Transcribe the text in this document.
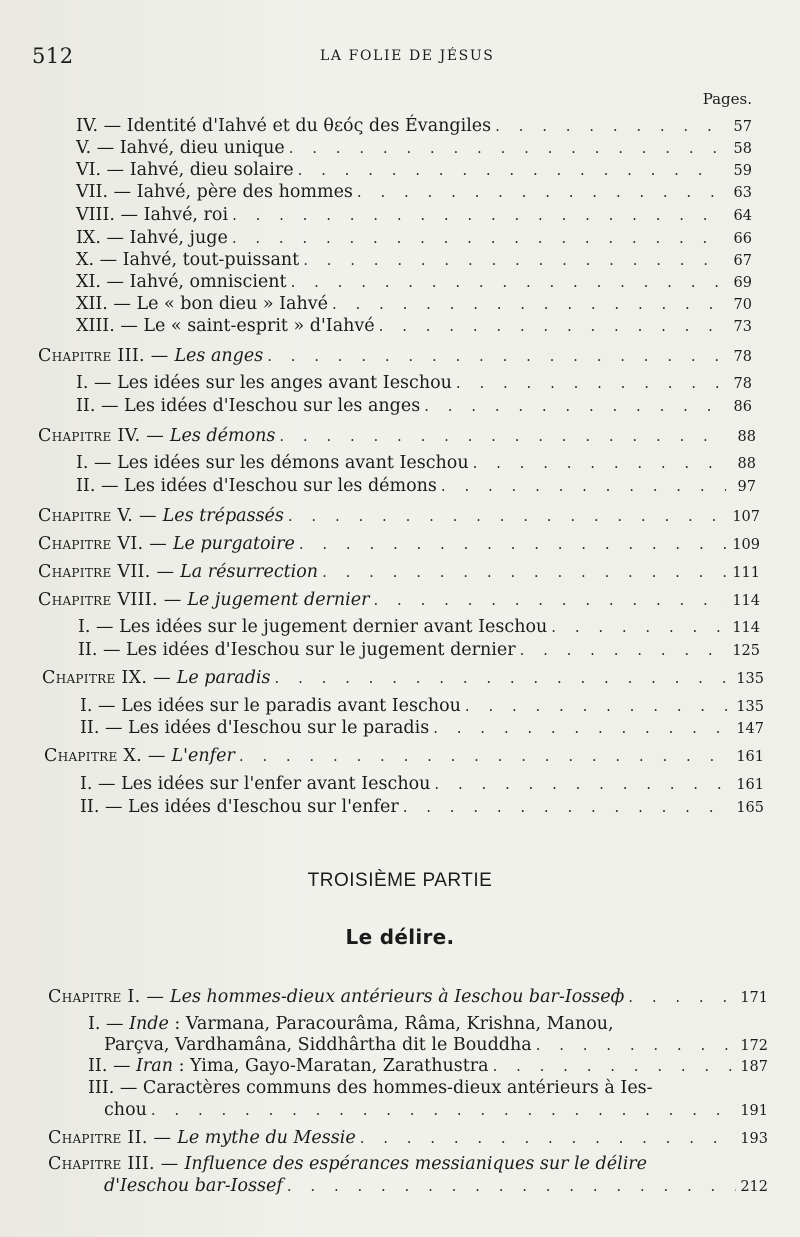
512	LA FOLIE DE JÉSUS
Pages.
IV. — Identité d'Iahvé et du θεός des Évangiles . . .	57
V. — Iahvé, dieu unique . . .	58
VI. — Iahvé, dieu solaire . . .	59
VII. — Iahvé, père des hommes . . .	63
VIII. — Iahvé, roi . . .	64
IX. — Iahvé, juge . . .	66
X. — Iahvé, tout-puissant . . .	67
XI. — Iahvé, omniscient . . .	69
XII. — Le « bon dieu » Iahvé . . .	70
XIII. — Le « saint-esprit » d'Iahvé . . .	73
Chapitre III. — Les anges . . .	78
I. — Les idées sur les anges avant Ieschou . . .	78
II. — Les idées d'Ieschou sur les anges . . .	86
Chapitre IV. — Les démons . . .	88
I. — Les idées sur les démons avant Ieschou . . .	88
II. — Les idées d'Ieschou sur les démons . . .	97
Chapitre V. — Les trépassés . . .	107
Chapitre VI. — Le purgatoire . . .	109
Chapitre VII. — La résurrection . . .	111
Chapitre VIII. — Le jugement dernier . . .	114
I. — Les idées sur le jugement dernier avant Ieschou . . .	114
II. — Les idées d'Ieschou sur le jugement dernier . . .	125
Chapitre IX. — Le paradis . . .	135
I. — Les idées sur le paradis avant Ieschou . . .	135
II. — Les idées d'Ieschou sur le paradis . . .	147
Chapitre X. — L'enfer . . .	161
I. — Les idées sur l'enfer avant Ieschou . . .	161
II. — Les idées d'Ieschou sur l'enfer . . .	165
TROISIÈME PARTIE
Le délire.
Chapitre I. — Les hommes-dieux antérieurs à Ieschou bar-Iosseф . . .	171
I. — Inde : Varmana, Paracourâma, Râma, Krishna, Manou,
Parçva, Vardhamâna, Siddhârtha dit le Bouddha . . .	172
II. — Iran : Yima, Gayo-Maratan, Zarathustra . . .	187
III. — Caractères communs des hommes-dieux antérieurs à Ies-
chou . . .	191
Chapitre II. — Le mythe du Messie . . .	193
Chapitre III. — Influence des espérances messianiques sur le délire
d'Ieschou bar-Iossef . . .	212
